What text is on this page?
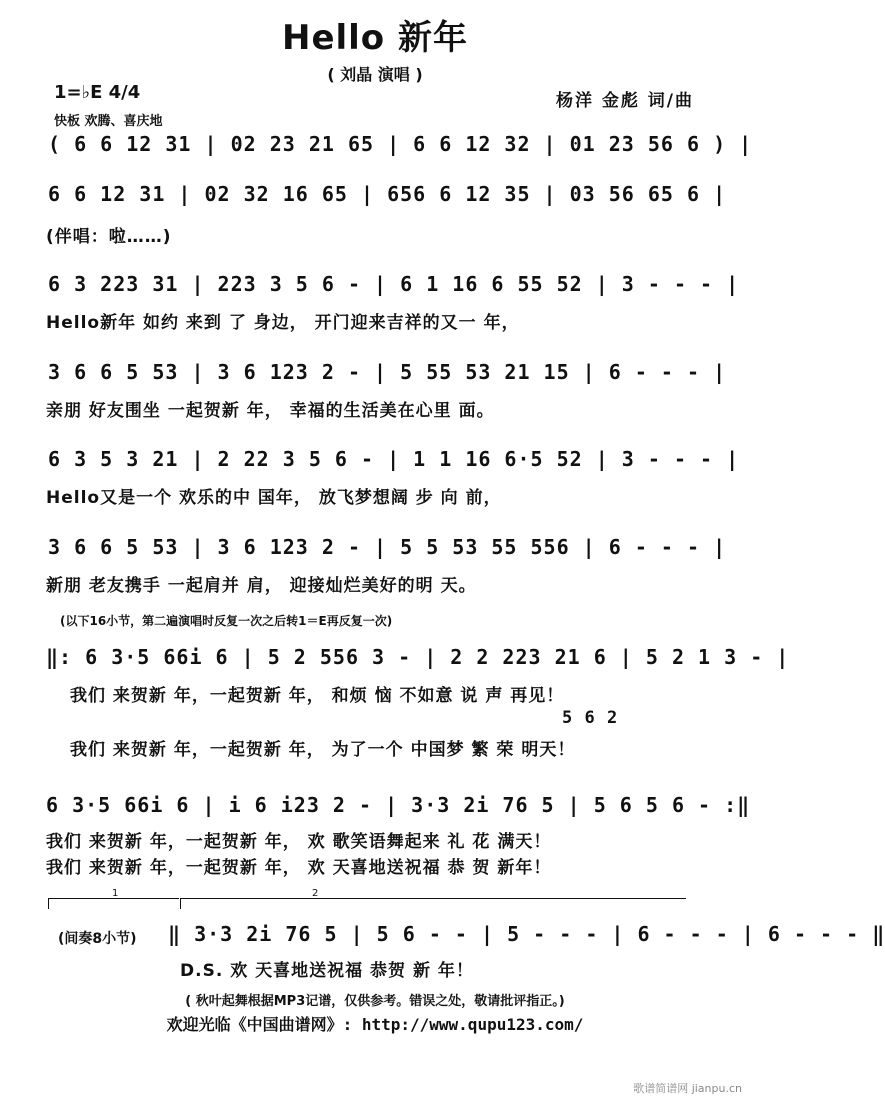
Hello 新年
( 刘晶 演唱 )
1=♭E 4/4
快板 欢腾、喜庆地
杨洋 金彪 词/曲
( 6 6 12 31 | 02 23 21 65 | 6 6 12 32 | 01 23 56 6 ) |
6 6 12 31 | 02 32 16 65 | 656 6 12 35 | 03 56 65 6 |
(伴唱：啦……)
6 3 223 31 | 223 3 5 6 - | 6 1 16 6 55 52 | 3 - - - |
Hello新年 如约 来到 了 身边， 开门迎来吉祥的又一 年，
3 6 6 5 53 | 3 6 123 2 - | 5 55 53 21 15 | 6 - - - |
亲朋 好友围坐 一起贺新 年， 幸福的生活美在心里 面。
6 3 5 3 21 | 2 22 3 5 6 - | 1 1 16 6·5 52 | 3 - - - |
Hello又是一个 欢乐的中 国年， 放飞梦想阔 步 向 前，
3 6 6 5 53 | 3 6 123 2 - | 5 5 53 55 556 | 6 - - - |
新朋 老友携手 一起肩并 肩， 迎接灿烂美好的明 天。
(以下16小节，第二遍演唱时反复一次之后转1＝E再反复一次)
‖: 6 3·5 66i 6 | 5 2 556 3 - | 2 2 223 21 6 | 5 2 1 3 - |
我们 来贺新 年，一起贺新 年， 和烦 恼 不如意 说 声 再见！
5 6 2
我们 来贺新 年，一起贺新 年， 为了一个 中国梦 繁 荣 明天！
6 3·5 66i 6 | i 6 i23 2 - | 3·3 2i 76 5 | 5 6 5 6 - :‖
我们 来贺新 年，一起贺新 年， 欢 歌笑语舞起来 礼 花 满天！
我们 来贺新 年，一起贺新 年， 欢 天喜地送祝福 恭 贺 新年！
1	2
(间奏8小节) ‖ 3·3 2i 76 5 | 5 6 - - | 5 - - - | 6 - - - | 6 - - - ‖
D.S. 欢 天喜地送祝福 恭贺 新 年！
( 秋叶起舞根据MP3记谱，仅供参考。错误之处，敬请批评指正。)
欢迎光临《中国曲谱网》: http://www.qupu123.com/
歌谱简谱网 jianpu.cn
